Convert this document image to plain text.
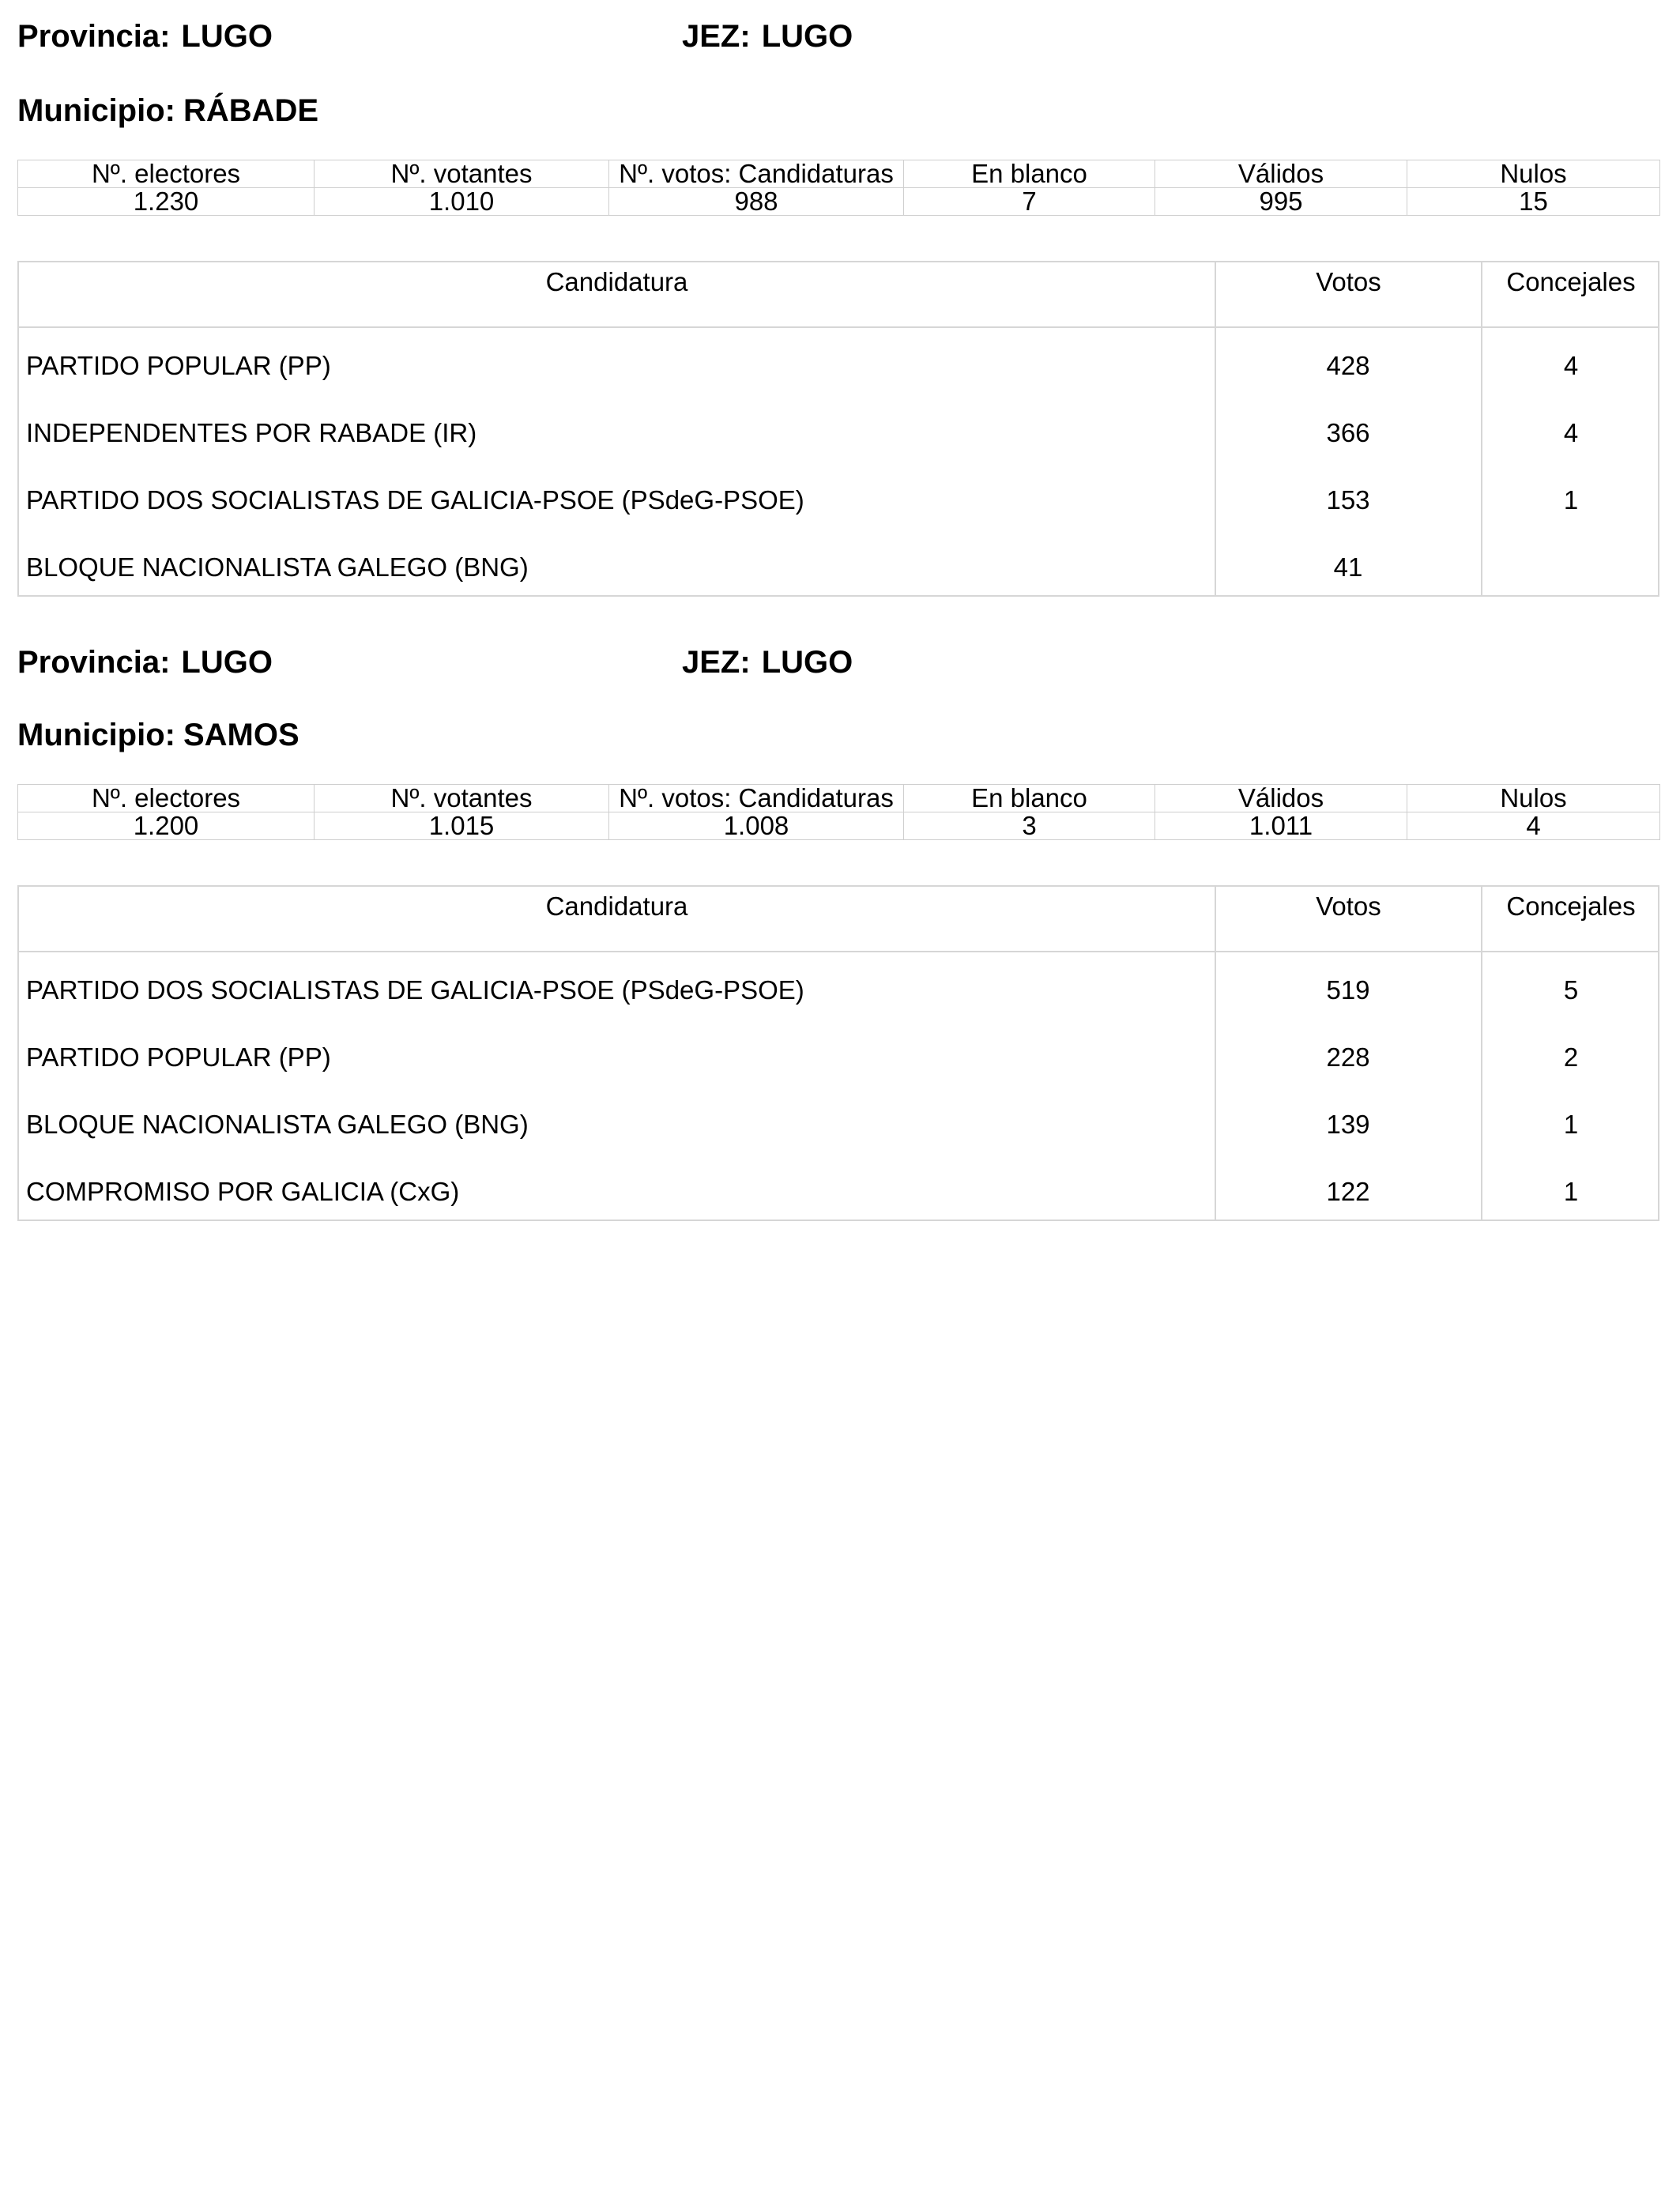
Provincia: LUGO	JEZ: LUGO
Municipio: RÁBADE
Nº. electores	Nº. votantes	Nº. votos: Candidaturas	En blanco	Válidos	Nulos
1.230	1.010	988	7	995	15
Candidatura	Votos	Concejales
PARTIDO POPULAR (PP)	428	4
INDEPENDENTES POR RABADE (IR)	366	4
PARTIDO DOS SOCIALISTAS DE GALICIA-PSOE (PSdeG-PSOE)	153	1
BLOQUE NACIONALISTA GALEGO (BNG)	41
Provincia: LUGO	JEZ: LUGO
Municipio: SAMOS
Nº. electores	Nº. votantes	Nº. votos: Candidaturas	En blanco	Válidos	Nulos
1.200	1.015	1.008	3	1.011	4
Candidatura	Votos	Concejales
PARTIDO DOS SOCIALISTAS DE GALICIA-PSOE (PSdeG-PSOE)	519	5
PARTIDO POPULAR (PP)	228	2
BLOQUE NACIONALISTA GALEGO (BNG)	139	1
COMPROMISO POR GALICIA (CxG)	122	1
